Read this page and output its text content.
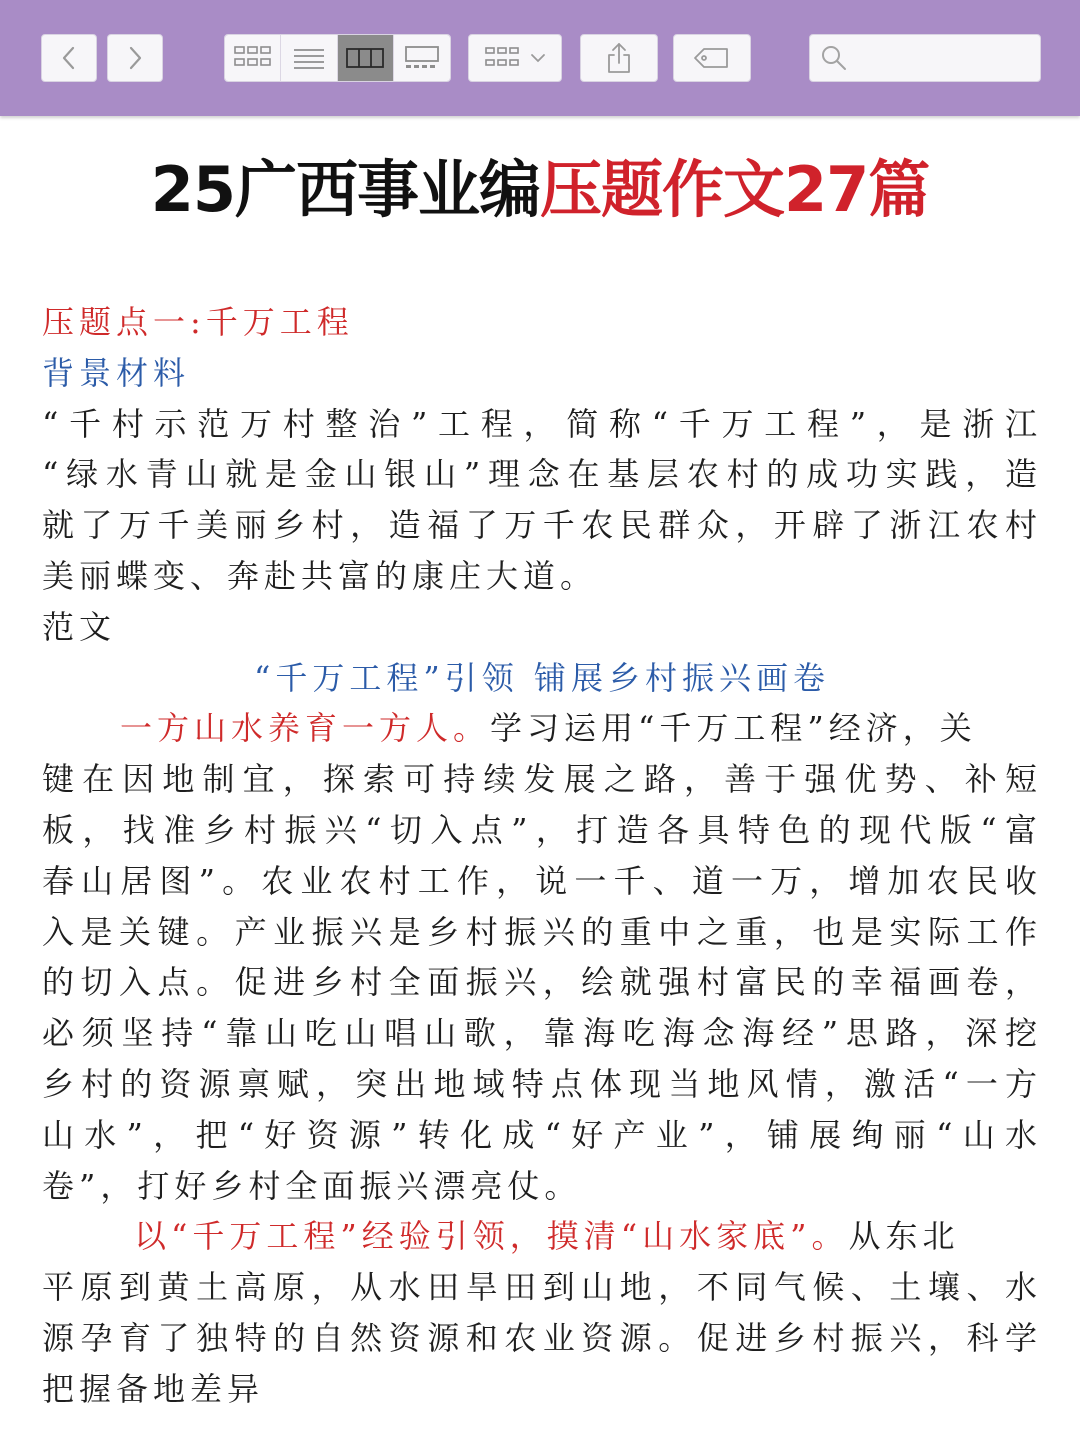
25广西事业编压题作文27篇
压题点一:千万工程
背景材料
“千村示范万村整治”工程，简称“千万工程”，是浙江
“绿水青山就是金山银山”理念在基层农村的成功实践，造
就了万千美丽乡村，造福了万千农民群众，开辟了浙江农村
美丽蝶变、奔赴共富的康庄大道。
范文
“千万工程”引领 铺展乡村振兴画卷
一方山水养育一方人。学习运用“千万工程”经济，关
键在因地制宜，探索可持续发展之路，善于强优势、补短
板，找准乡村振兴“切入点”，打造各具特色的现代版“富
春山居图”。农业农村工作，说一千、道一万，增加农民收
入是关键。产业振兴是乡村振兴的重中之重，也是实际工作
的切入点。促进乡村全面振兴，绘就强村富民的幸福画卷，
必须坚持“靠山吃山唱山歌，靠海吃海念海经”思路，深挖
乡村的资源禀赋，突出地域特点体现当地风情，激活“一方
山水”，把“好资源”转化成“好产业”，铺展绚丽“山水
卷”，打好乡村全面振兴漂亮仗。
以“千万工程”经验引领，摸清“山水家底”。从东北
平原到黄土高原，从水田旱田到山地，不同气候、土壤、水
源孕育了独特的自然资源和农业资源。促进乡村振兴，科学
把握备地差异
